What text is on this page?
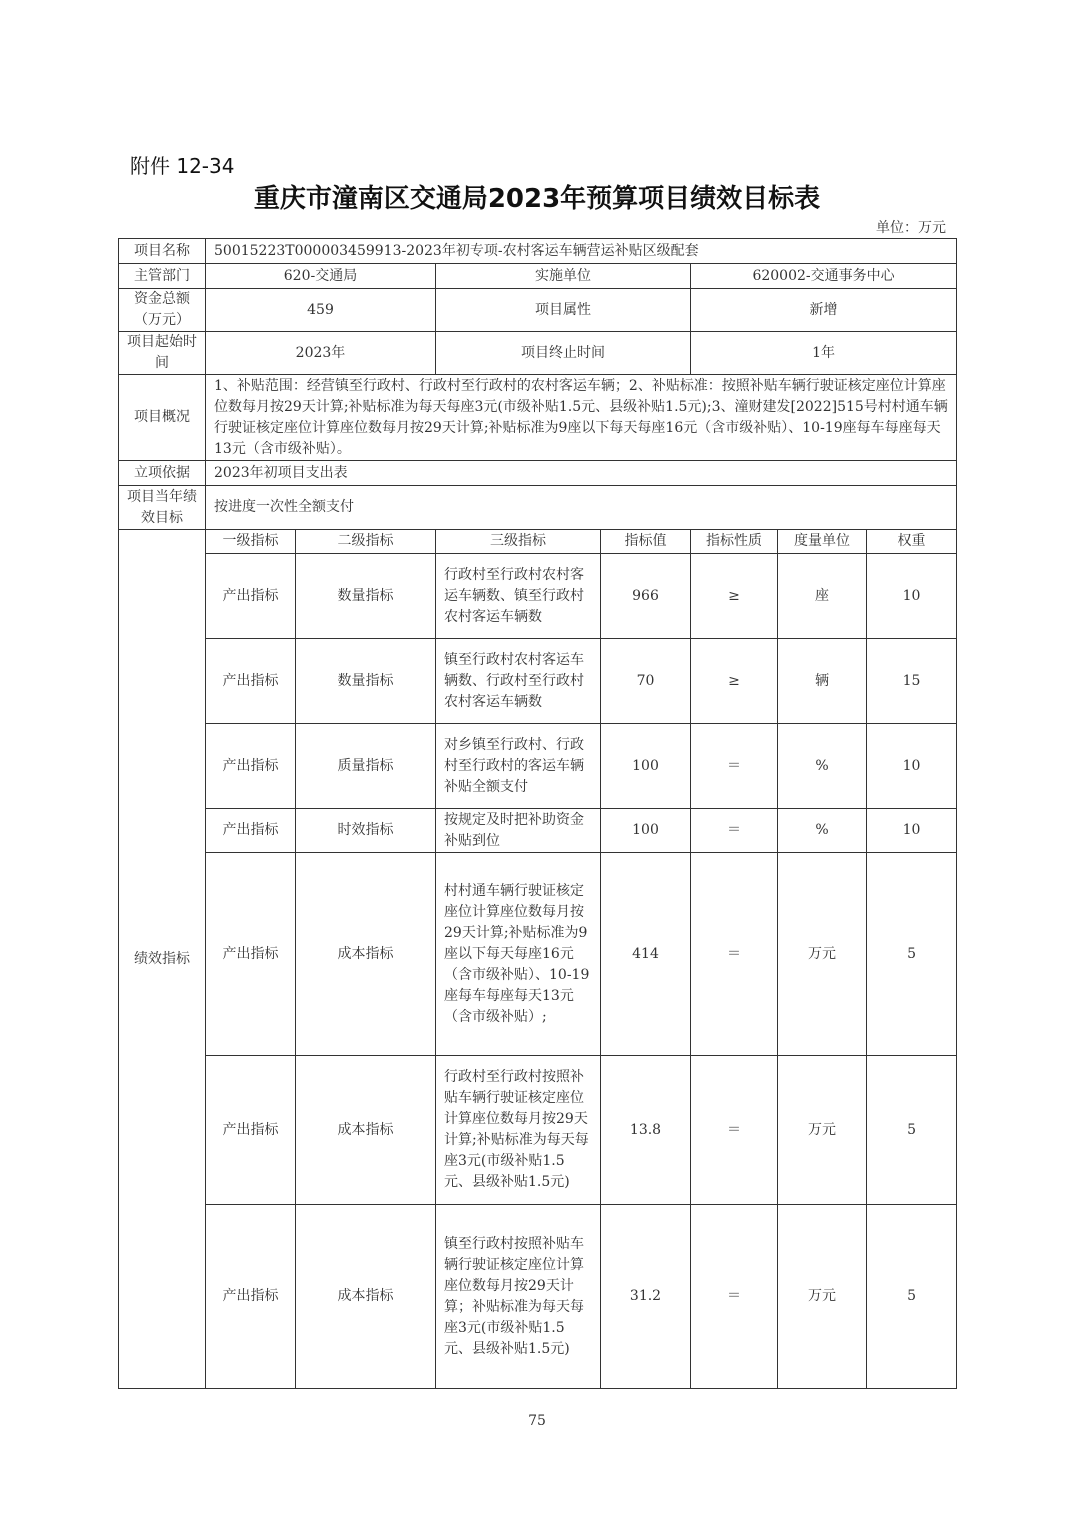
附件 12-34
重庆市潼南区交通局2023年预算项目绩效目标表
单位：万元
项目名称	50015223T000003459913-2023年初专项-农村客运车辆营运补贴区级配套						
主管部门	620-交通局		实施单位		620002-交通事务中心		
资金总额（万元）	459		项目属性		新增		
项目起始时间	2023年		项目终止时间		1年		
项目概况	1、补贴范围：经营镇至行政村、行政村至行政村的农村客运车辆；2、补贴标准：按照补贴车辆行驶证核定座位计算座位数每月按29天计算;补贴标准为每天每座3元(市级补贴1.5元、县级补贴1.5元);3、潼财建发[2022]515号村村通车辆行驶证核定座位计算座位数每月按29天计算;补贴标准为9座以下每天每座16元（含市级补贴）、10-19座每车每座每天13元（含市级补贴）。						
立项依据	2023年初项目支出表						
项目当年绩效目标	按进度一次性全额支付						
绩效指标	一级指标	二级指标	三级指标	指标值	指标性质	度量单位	权重
	产出指标	数量指标	行政村至行政村农村客运车辆数、镇至行政村农村客运车辆数	966	≥	座	10
	产出指标	数量指标	镇至行政村农村客运车辆数、行政村至行政村农村客运车辆数	70	≥	辆	15
	产出指标	质量指标	对乡镇至行政村、行政村至行政村的客运车辆补贴全额支付	100	＝	%	10
	产出指标	时效指标	按规定及时把补助资金补贴到位	100	＝	%	10
	产出指标	成本指标	村村通车辆行驶证核定座位计算座位数每月按29天计算;补贴标准为9座以下每天每座16元（含市级补贴）、10-19座每车每座每天13元（含市级补贴）;	414	＝	万元	5
	产出指标	成本指标	行政村至行政村按照补贴车辆行驶证核定座位计算座位数每月按29天计算;补贴标准为每天每座3元(市级补贴1.5元、县级补贴1.5元)	13.8	＝	万元	5
	产出指标	成本指标	镇至行政村按照补贴车辆行驶证核定座位计算座位数每月按29天计算；补贴标准为每天每座3元(市级补贴1.5元、县级补贴1.5元)	31.2	＝	万元	5
75
